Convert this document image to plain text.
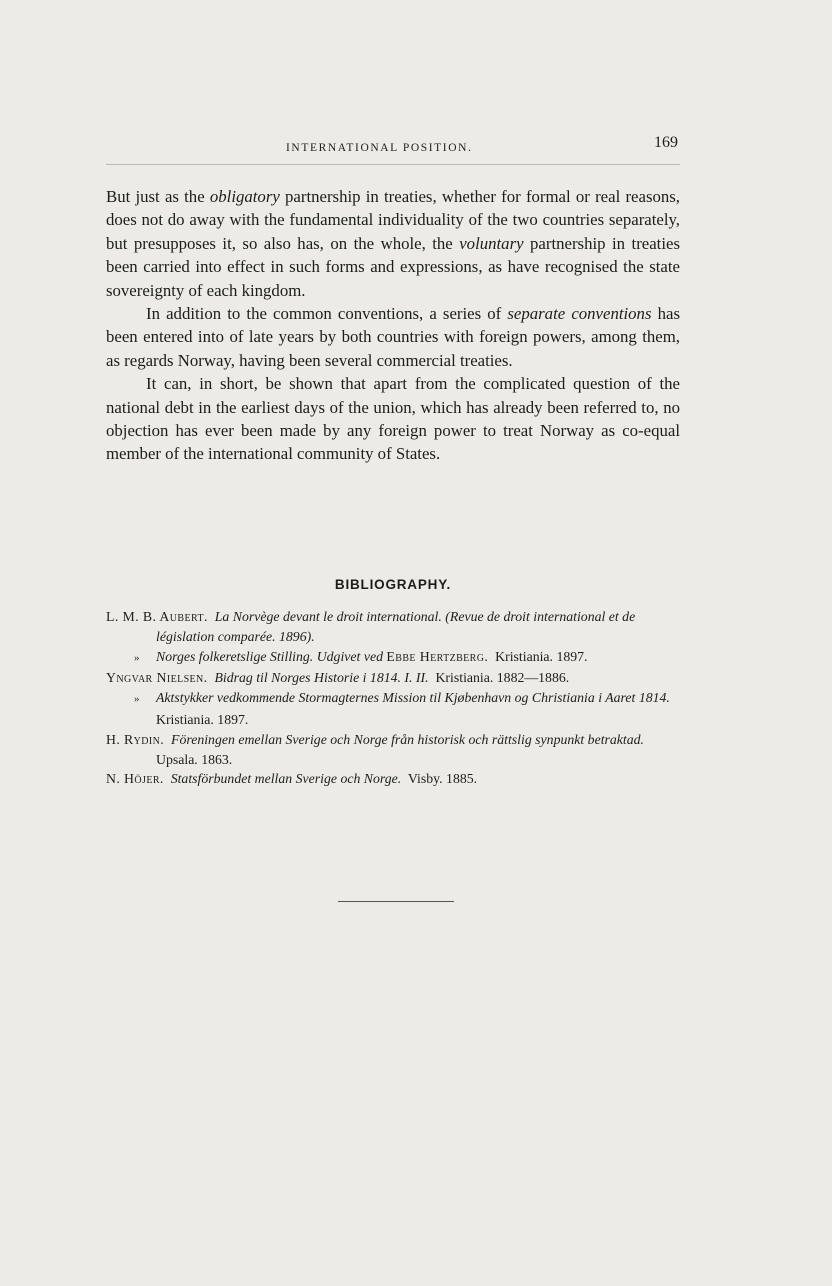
INTERNATIONAL POSITION.	169

But just as the obligatory partnership in treaties, whether for formal or real reasons, does not do away with the fundamental individuality of the two countries separately, but presupposes it, so also has, on the whole, the voluntary partnership in treaties been carried into effect in such forms and expressions, as have recognised the state sovereignty of each kingdom.

In addition to the common conventions, a series of separate conventions has been entered into of late years by both countries with foreign powers, among them, as regards Norway, having been several commercial treaties.

It can, in short, be shown that apart from the complicated question of the national debt in the earliest days of the union, which has already been referred to, no objection has ever been made by any foreign power to treat Norway as co-equal member of the international community of States.

BIBLIOGRAPHY.

L. M. B. Aubert. La Norvège devant le droit international. (Revue de droit international et de législation comparée. 1896).

» Norges folkeretslige Stilling. Udgivet ved Ebbe Hertzberg. Kristiania. 1897.

Yngvar Nielsen. Bidrag til Norges Historie i 1814. I. II. Kristiania. 1882—1886.

» Aktstykker vedkommende Stormagternes Mission til Kjøbenhavn og Christiania i Aaret 1814.  Kristiania. 1897.

H. Rydin. Föreningen emellan Sverige och Norge från historisk och rättslig synpunkt betraktad.  Upsala. 1863.

N. Höjer. Statsförbundet mellan Sverige och Norge. Visby. 1885.
